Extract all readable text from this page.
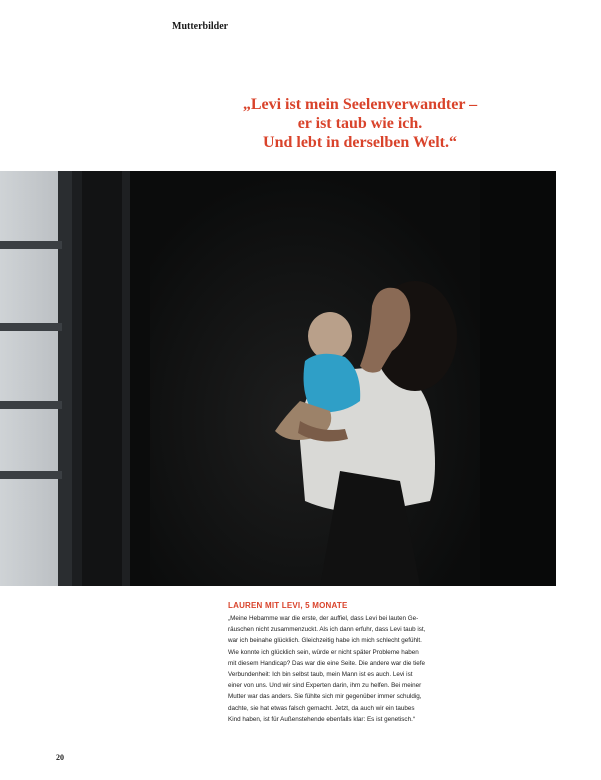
Mutterbilder
„Levi ist mein Seelenverwandter –
er ist taub wie ich.
Und lebt in derselben Welt.“
LAUREN MIT LEVI, 5 MONATE
„Meine Hebamme war die erste, der auffiel, dass Levi bei lauten Ge-
räuschen nicht zusammenzuckt. Als ich dann erfuhr, dass Levi taub ist,
war ich beinahe glücklich. Gleichzeitig habe ich mich schlecht gefühlt.
Wie konnte ich glücklich sein, würde er nicht später Probleme haben
mit diesem Handicap? Das war die eine Seite. Die andere war die tiefe
Verbundenheit: Ich bin selbst taub, mein Mann ist es auch. Levi ist
einer von uns. Und wir sind Experten darin, ihm zu helfen. Bei meiner
Mutter war das anders. Sie fühlte sich mir gegenüber immer schuldig,
dachte, sie hat etwas falsch gemacht. Jetzt, da auch wir ein taubes
Kind haben, ist für Außenstehende ebenfalls klar: Es ist genetisch.“
20
